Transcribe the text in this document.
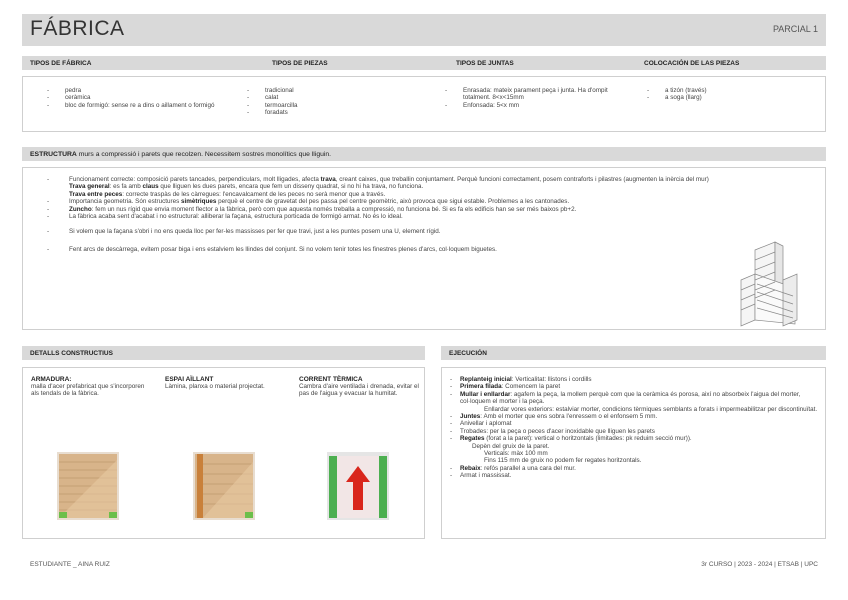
FÁBRICA	PARCIAL 1
TIPOS DE FÁBRICA	TIPOS DE PIEZAS	TIPOS DE JUNTAS	COLOCACIÓN DE LAS PIEZAS
- pedra
- ceràmica
- bloc de formigó: sense re a dins o aillament o formigó
- tradicional
- calat
- termoarcilla
- foradats
- Enrasada: mateix parament peça i junta. Ha d'ompit totalment. 8<x<15mm
- Enfonsada: 5<x mm
- a tizón (través)
- a soga (llarg)
ESTRUCTURA murs a compressió i parets que recolzen. Necessitem sostres monolítics que lliguin.
- Funcionament correcte: composició parets tancades, perpendiculars, molt lligades, afecta trava, creant caixes, que treballin conjuntament. Perquè funcioni correctament, posem contraforts i pilastres (augmenten la inèrcia del mur)
Trava general: es fa amb claus que lliguen les dues parets, encara que fem un disseny quadrat, si no hi ha trava, no funciona.
Trava entre peces: correcte traspàs de les càrregues: l'encavalcament de les peces no serà menor que a través.
- Importancia geometria. Són estructures simètriques perquè el centre de gravetat del pes passa pel centre geomètric, això provoca que sigui estable. Problemes a les cantonades.
- Zuncho: fem un nus rígid que envia moment flector a la fàbrica, però com que aquesta només treballa a compressió, no funciona bé. Si es fa els edificis han se ser més baixos pb+2.
- La fàbrica acaba sent d'acabat i no estructural: alliberar la façana, estructura porticada de formigó armat. No és lo ideal.
- Si volem que la façana s'obri i no ens queda lloc per fer-les massisses per fer que travi, just a les puntes posem una U, element rígid.
- Fent arcs de descàrrega, evitem posar biga i ens estalviem les llindes del conjunt. Si no volem tenir totes les finestres plenes d'arcs, col·loquem biguetes.
DETALLS CONSTRUCTIUS
ARMADURA:
malla d'acer prefabricat que s'incorporen als tendals de la fàbrica.
ESPAI AÏLLANT
Làmina, planxa o material projectat.
CORRENT TÈRMICA
Cambra d'aire ventilada i drenada, evitar el pas de l'aigua y evacuar la humitat.
EJECUCIÓN
- Replanteig inicial: Verticalitat: llistons i cordills
- Primera filada: Comencem la paret
- Mullar i enllardar: agafem la peça, la mollem perquè com que la ceràmica és porosa, així no absorbeix l'aigua del morter, col·loquem el morter i la peça.
Enllardar vores exteriors: estalviar morter, condicions tèrmiques semblants a forats i impermeabilitzar per discontinuïtat.
- Juntes: Amb el morter que ens sobra l'enressem o el enfonsem 5 mm.
- Anivellar i aplomat
- Trobades: per la peça o peces d'acer inoxidable que lliguen les parets
- Regates (forat a la paret): vertical o horitzontals (limitades: pk reduim secció mur)).
Depèn del gruix de la paret.
Verticals: màx 100 mm
Fins 115 mm de gruix no podem fer regates horitzontals.
- Rebaix: refós parallel a una cara del mur.
- Armat i massissat.
ESTUDIANTE _ AINA RUIZ	3r CURSO | 2023 - 2024 | ETSAB | UPC
